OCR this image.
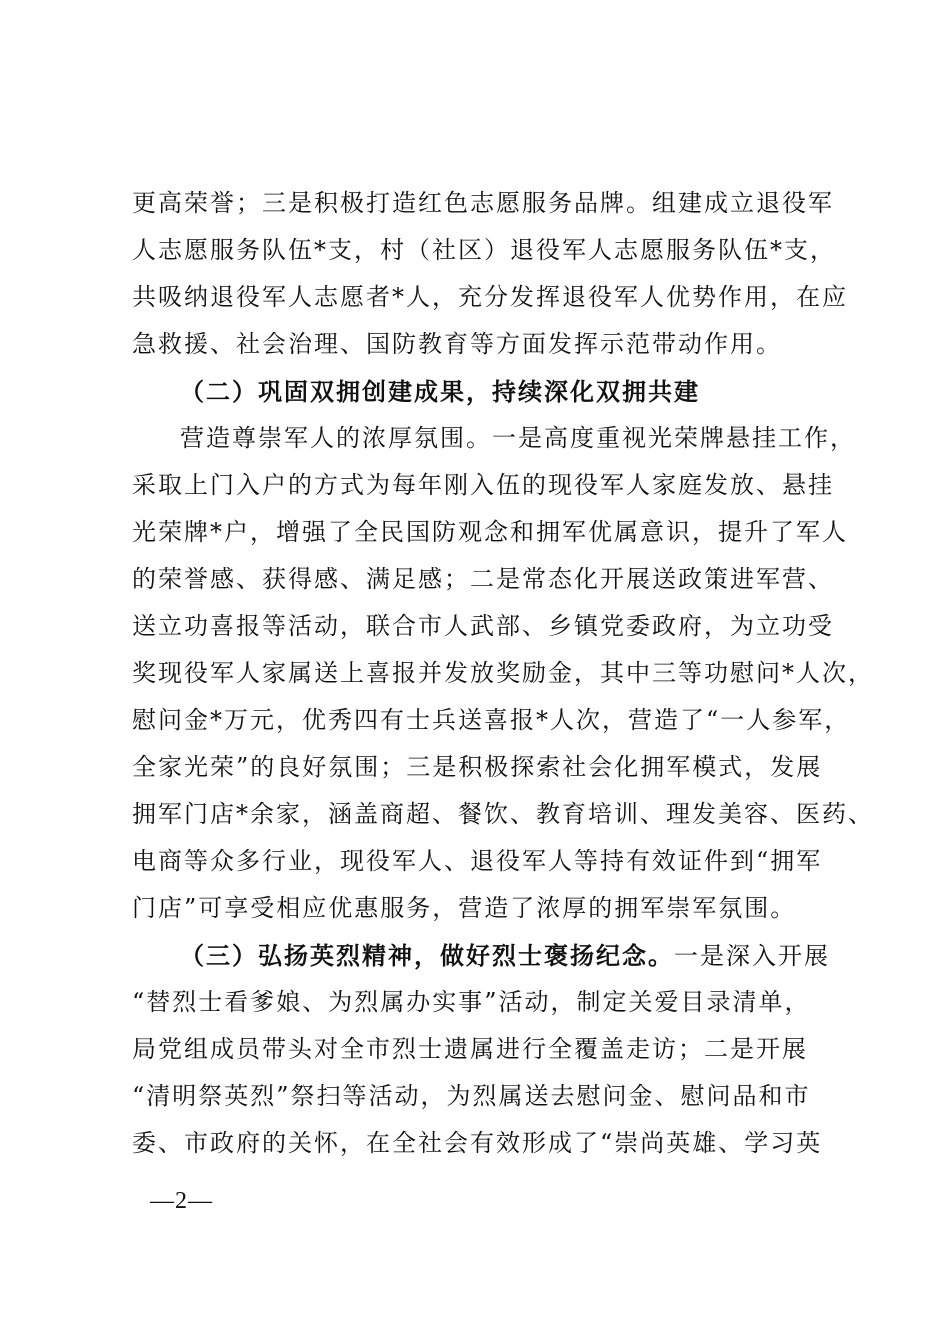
更高荣誉；三是积极打造红色志愿服务品牌。组建成立退役军
人志愿服务队伍*支，村（社区）退役军人志愿服务队伍*支，
共吸纳退役军人志愿者*人，充分发挥退役军人优势作用，在应
急救援、社会治理、国防教育等方面发挥示范带动作用。
（二）巩固双拥创建成果，持续深化双拥共建
营造尊崇军人的浓厚氛围。一是高度重视光荣牌悬挂工作，
采取上门入户的方式为每年刚入伍的现役军人家庭发放、悬挂
光荣牌*户，增强了全民国防观念和拥军优属意识，提升了军人
的荣誉感、获得感、满足感；二是常态化开展送政策进军营、
送立功喜报等活动，联合市人武部、乡镇党委政府，为立功受
奖现役军人家属送上喜报并发放奖励金，其中三等功慰问*人次，
慰问金*万元，优秀四有士兵送喜报*人次，营造了“一人参军，
全家光荣”的良好氛围；三是积极探索社会化拥军模式，发展
拥军门店*余家，涵盖商超、餐饮、教育培训、理发美容、医药、
电商等众多行业，现役军人、退役军人等持有效证件到“拥军
门店”可享受相应优惠服务，营造了浓厚的拥军崇军氛围。
（三）弘扬英烈精神，做好烈士褒扬纪念。一是深入开展
“替烈士看爹娘、为烈属办实事”活动，制定关爱目录清单，
局党组成员带头对全市烈士遗属进行全覆盖走访；二是开展
“清明祭英烈”祭扫等活动，为烈属送去慰问金、慰问品和市
委、市政府的关怀，在全社会有效形成了“崇尚英雄、学习英
—2—
